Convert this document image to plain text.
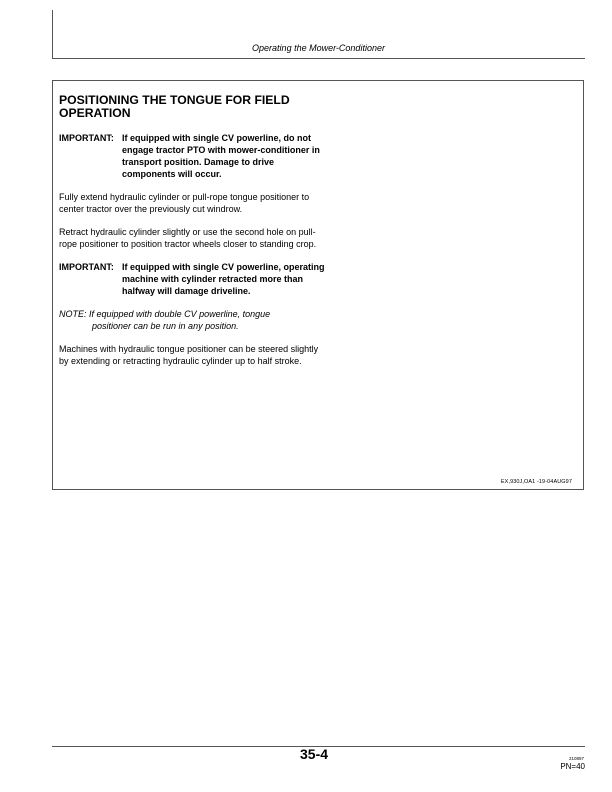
Operating the Mower-Conditioner
POSITIONING THE TONGUE FOR FIELD OPERATION
IMPORTANT: If equipped with single CV powerline, do not engage tractor PTO with mower-conditioner in transport position. Damage to drive components will occur.
Fully extend hydraulic cylinder or pull-rope tongue positioner to center tractor over the previously cut windrow.
Retract hydraulic cylinder slightly or use the second hole on pull-rope positioner to position tractor wheels closer to standing crop.
IMPORTANT: If equipped with single CV powerline, operating machine with cylinder retracted more than halfway will damage driveline.
NOTE: If equipped with double CV powerline, tongue
positioner can be run in any position.
Machines with hydraulic tongue positioner can be steered slightly by extending or retracting hydraulic cylinder up to half stroke.
EX,930J,OA1 -19-04AUG97
35-4	210897
PN=40
